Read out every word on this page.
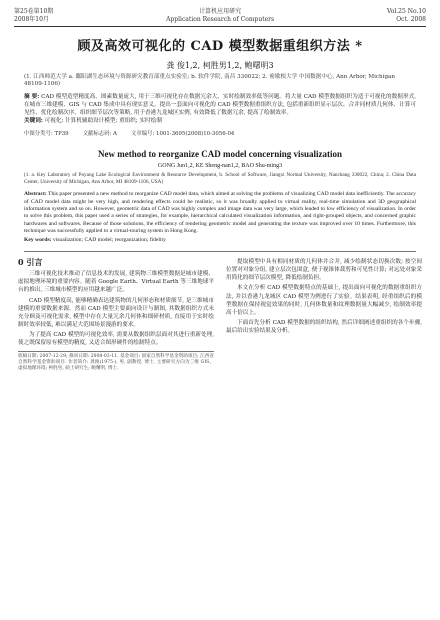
第25卷第10期
2008年10月
计算机应用研究
Application Research of Computers
Vol.25 No.10
Oct. 2008
顾及高效可视化的 CAD 模型数据重组织方法 *
龚 俊1,2, 柯胜男1,2, 鲍曙明3
(1. 江西师范大学 a. 鄱阳湖生态环境与资源研究教育部重点实验室; b. 软件学院, 南昌 330022; 2. 密歇根大学 中国数据中心, Ann Arbor, Michigan 48109-1106)
摘 要: CAD 模型造型精度高、图素数量庞大, 用于三维可视化存在数据冗余大、实时绘制效率低等问题。将大量 CAD 模型数据组织为适于可视化的数据形式, 在城市三维建模、GIS 与 CAD 集成中具有现实意义。提出一套面向可视化的 CAD 模型数据重组织方法, 包括重新组织显示层次、合并同材质几何体、计算可见性、优化绘制次序、组织细节层次等策略, 用于香港九龙城区实例, 有效降低了数据冗余, 提高了绘制效率。
关键词: 可视化; 计算机辅助设计模型; 重组织; 实时绘制
中图分类号: TP39	文献标志码: A	文章编号: 1001-3695(2008)10-3056-04
New method to reorganize CAD model concerning visualization
GONG Jun1,2, KE Sheng-nan1,2, BAO Shu-ming3
(1. a. Key Laboratory of Poyang Lake Ecological Environment & Resource Development, b. School of Software, Jiangxi Normal University, Nanchang 330022, China; 2. China Data Center, University of Michigan, Ann Arbor, MI 48109-1106, USA)
Abstract: This paper presented a new method to reorganize CAD model data, which aimed at solving the problems of visualizing CAD model data inefficiently. The accuracy of CAD model data might be very high, and rendering effects could be realistic, so it was broadly applied to virtual reality, real-time simulation and 3D geographical information system and so on. However, geometric data of CAD was highly complex and image data was very large, which leaded to low efficiency of visualization. In order to solve this problem, this paper used a series of strategies, for example, hierarchical calculated visualization information, and right-grouped objects, and concerned graphic hardwares and softwares. Because of those solutions, the efficiency of rendering geometric model and generating the texture was improved over 10 times. Furthermore, this technique was successfully applied to a virtual-touring system in Hong Kong.
Key words: visualization; CAD model; reorganization; fidelity
0 引言

三维可视化技术推动了信息技术的发展, 建筑物三维模型数据是城市建模、虚拟地理环境的重要内容。随着 Google Earth、Virtual Earth 等三维地球平台的推出, 三维城市模型的应用越来越广泛。

CAD 模型精度高, 能够精确表达建筑物的几何形态和材质细节, 是三维城市建模的重要数据来源。然而 CAD 模型主要面向设计与制图, 其数据组织方式未充分顾及可视化需求, 模型中存在大量冗余几何体和细碎材质, 直接用于实时绘制时效率较低, 难以满足大范围场景漫游的要求。

为了提高 CAD 模型的可视化效率, 需要从数据组织层面对其进行重新处理, 使之既保留原有模型的精度, 又适合图形硬件的绘制特点。

收稿日期: 2007-12-29; 修回日期: 2008-03-11. 基金项目: 国家自然科学基金资助项目; 江西省自然科学基金资助项目. 作者简介: 龚俊(1975-), 男, 副教授, 博士, 主要研究方向为三维 GIS、虚拟地理环境; 柯胜男, 硕士研究生; 鲍曙明, 博士.

提取模型中具有相同材质的几何体并合并, 减少绘制状态切换次数; 按空间位置对对象分组, 建立层次包围盒, 便于视锥体裁剪和可见性计算; 对远处对象采用简化的细节层次模型, 降低绘制负担。

本文在分析 CAD 模型数据特点的基础上, 提出面向可视化的数据重组织方法, 并以香港九龙城区 CAD 模型为例进行了实验。结果表明, 经重组织后的模型数据在保持视觉效果的同时, 几何体数量和纹理数据量大幅减少, 绘制效率提高十倍以上。

下面首先分析 CAD 模型数据的组织结构, 然后详细阐述重组织的各个步骤, 最后给出实验结果及分析。
